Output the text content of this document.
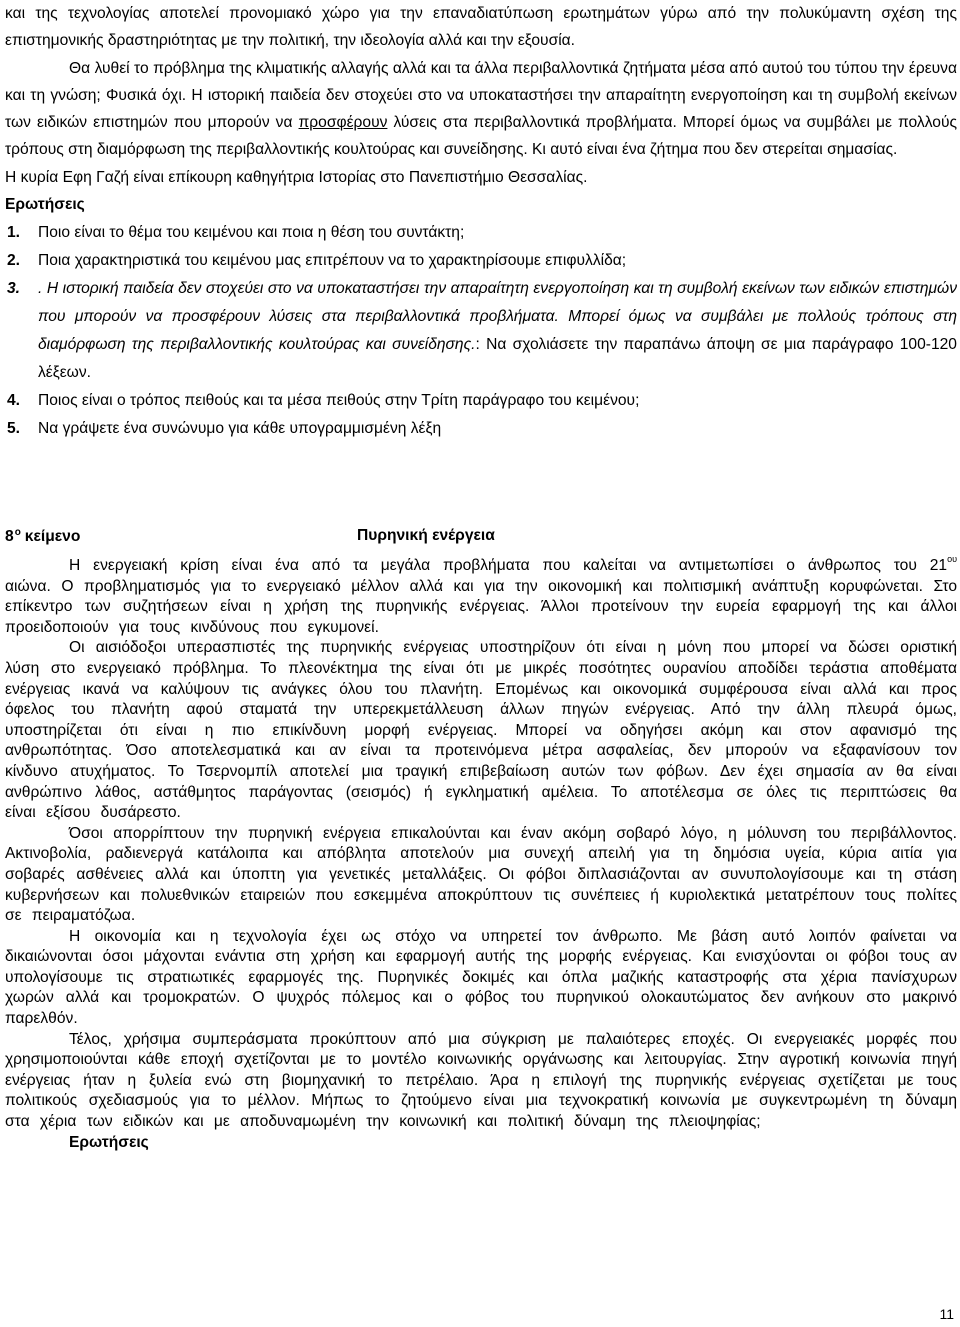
και της τεχνολογίας αποτελεί προνομιακό χώρο για την επαναδιατύπωση ερωτημάτων γύρω από την πολυκύμαντη σχέση της επιστημονικής δραστηριότητας με την πολιτική, την ιδεολογία αλλά και την εξουσία.

Θα λυθεί το πρόβλημα της κλιματικής αλλαγής αλλά και τα άλλα περιβαλλοντικά ζητήματα μέσα από αυτού του τύπου την έρευνα και τη γνώση; Φυσικά όχι. Η ιστορική παιδεία δεν στοχεύει στο να υποκαταστήσει την απαραίτητη ενεργοποίηση και τη συμβολή εκείνων των ειδικών επιστημών που μπορούν να προσφέρουν λύσεις στα περιβαλλοντικά προβλήματα. Μπορεί όμως να συμβάλει με πολλούς τρόπους στη διαμόρφωση της περιβαλλοντικής κουλτούρας και συνείδησης. Κι αυτό είναι ένα ζήτημα που δεν στερείται σημασίας.

Η κυρία Εφη Γαζή είναι επίκουρη καθηγήτρια Ιστορίας στο Πανεπιστήμιο Θεσσαλίας.

Ερωτήσεις

1.	Ποιο είναι το θέμα του κειμένου και ποια η θέση του συντάκτη;
2.	Ποια χαρακτηριστικά του κειμένου μας επιτρέπουν να το χαρακτηρίσουμε επιφυλλίδα;
3.	. Η ιστορική παιδεία δεν στοχεύει στο να υποκαταστήσει την απαραίτητη ενεργοποίηση και τη συμβολή εκείνων των ειδικών επιστημών που μπορούν να προσφέρουν λύσεις στα περιβαλλοντικά προβλήματα. Μπορεί όμως να συμβάλει με πολλούς τρόπους στη διαμόρφωση της περιβαλλοντικής κουλτούρας και συνείδησης.: Να σχολιάσετε την παραπάνω άποψη σε μια παράγραφο 100-120 λέξεων.
4.	Ποιος είναι ο τρόπος πειθούς και τα μέσα πειθούς στην Τρίτη παράγραφο του κειμένου;
5.	Να γράψετε ένα συνώνυμο για κάθε υπογραμμισμένη λέξη
$8^o$ κείμενο	Πυρηνική ενέργεια

Η ενεργειακή κρίση είναι ένα από τα μεγάλα προβλήματα που καλείται να αντιμετωπίσει ο άνθρωπος του $21^{o\upsilon}$ αιώνα. Ο προβληματισμός για το ενεργειακό μέλλον αλλά και για την οικονομική και πολιτισμική ανάπτυξη κορυφώνεται. Στο επίκεντρο των συζητήσεων είναι η χρήση της πυρηνικής ενέργειας. Άλλοι προτείνουν την ευρεία εφαρμογή της και άλλοι προειδοποιούν για τους κινδύνους που εγκυμονεί.

Οι αισιόδοξοι υπερασπιστές της πυρηνικής ενέργειας υποστηρίζουν ότι είναι η μόνη που μπορεί να δώσει οριστική λύση στο ενεργειακό πρόβλημα. Το πλεονέκτημα της είναι ότι με μικρές ποσότητες ουρανίου αποδίδει τεράστια αποθέματα ενέργειας ικανά να καλύψουν τις ανάγκες όλου του πλανήτη. Επομένως και οικονομικά συμφέρουσα είναι αλλά και προς όφελος του πλανήτη αφού σταματά την υπερεκμετάλλευση άλλων πηγών ενέργειας. Από την άλλη πλευρά όμως, υποστηρίζεται ότι είναι η πιο επικίνδυνη μορφή ενέργειας. Μπορεί να οδηγήσει ακόμη και στον αφανισμό της ανθρωπότητας. Όσο αποτελεσματικά και αν είναι τα προτεινόμενα μέτρα ασφαλείας, δεν μπορούν να εξαφανίσουν τον κίνδυνο ατυχήματος. Το Τσερνομπίλ αποτελεί μια τραγική επιβεβαίωση αυτών των φόβων. Δεν έχει σημασία αν θα είναι ανθρώπινο λάθος, αστάθμητος παράγοντας (σεισμός) ή εγκληματική αμέλεια. Το αποτέλεσμα σε όλες τις περιπτώσεις θα είναι εξίσου δυσάρεστο.

Όσοι απορρίπτουν την πυρηνική ενέργεια επικαλούνται και έναν ακόμη σοβαρό λόγο, η μόλυνση του περιβάλλοντος. Ακτινοβολία, ραδιενεργά κατάλοιπα και απόβλητα αποτελούν μια συνεχή απειλή για τη δημόσια υγεία, κύρια αιτία για σοβαρές ασθένειες αλλά και ύποπτη για γενετικές μεταλλάξεις. Οι φόβοι διπλασιάζονται αν συνυπολογίσουμε και τη στάση κυβερνήσεων και πολυεθνικών εταιρειών που εσκεμμένα αποκρύπτουν τις συνέπειες ή κυριολεκτικά μετατρέπουν τους πολίτες σε πειραματόζωα.

Η οικονομία και η τεχνολογία έχει ως στόχο να υπηρετεί τον άνθρωπο. Με βάση αυτό λοιπόν φαίνεται να δικαιώνονται όσοι μάχονται ενάντια στη χρήση και εφαρμογή αυτής της μορφής ενέργειας. Και ενισχύονται οι φόβοι τους αν υπολογίσουμε τις στρατιωτικές εφαρμογές της. Πυρηνικές δοκιμές και όπλα μαζικής καταστροφής στα χέρια πανίσχυρων χωρών αλλά και τρομοκρατών. Ο ψυχρός πόλεμος και ο φόβος του πυρηνικού ολοκαυτώματος δεν ανήκουν στο μακρινό παρελθόν.

Τέλος, χρήσιμα συμπεράσματα προκύπτουν από μια σύγκριση με παλαιότερες εποχές. Οι ενεργειακές μορφές που χρησιμοποιούνται κάθε εποχή σχετίζονται με το μοντέλο κοινωνικής οργάνωσης και λειτουργίας. Στην αγροτική κοινωνία πηγή ενέργειας ήταν η ξυλεία ενώ στη βιομηχανική το πετρέλαιο. Άρα η επιλογή της πυρηνικής ενέργειας σχετίζεται με τους πολιτικούς σχεδιασμούς για το μέλλον. Μήπως το ζητούμενο είναι μια τεχνοκρατική κοινωνία με συγκεντρωμένη τη δύναμη στα χέρια των ειδικών και με αποδυναμωμένη την κοινωνική και πολιτική δύναμη της πλειοψηφίας;

Ερωτήσεις

11
